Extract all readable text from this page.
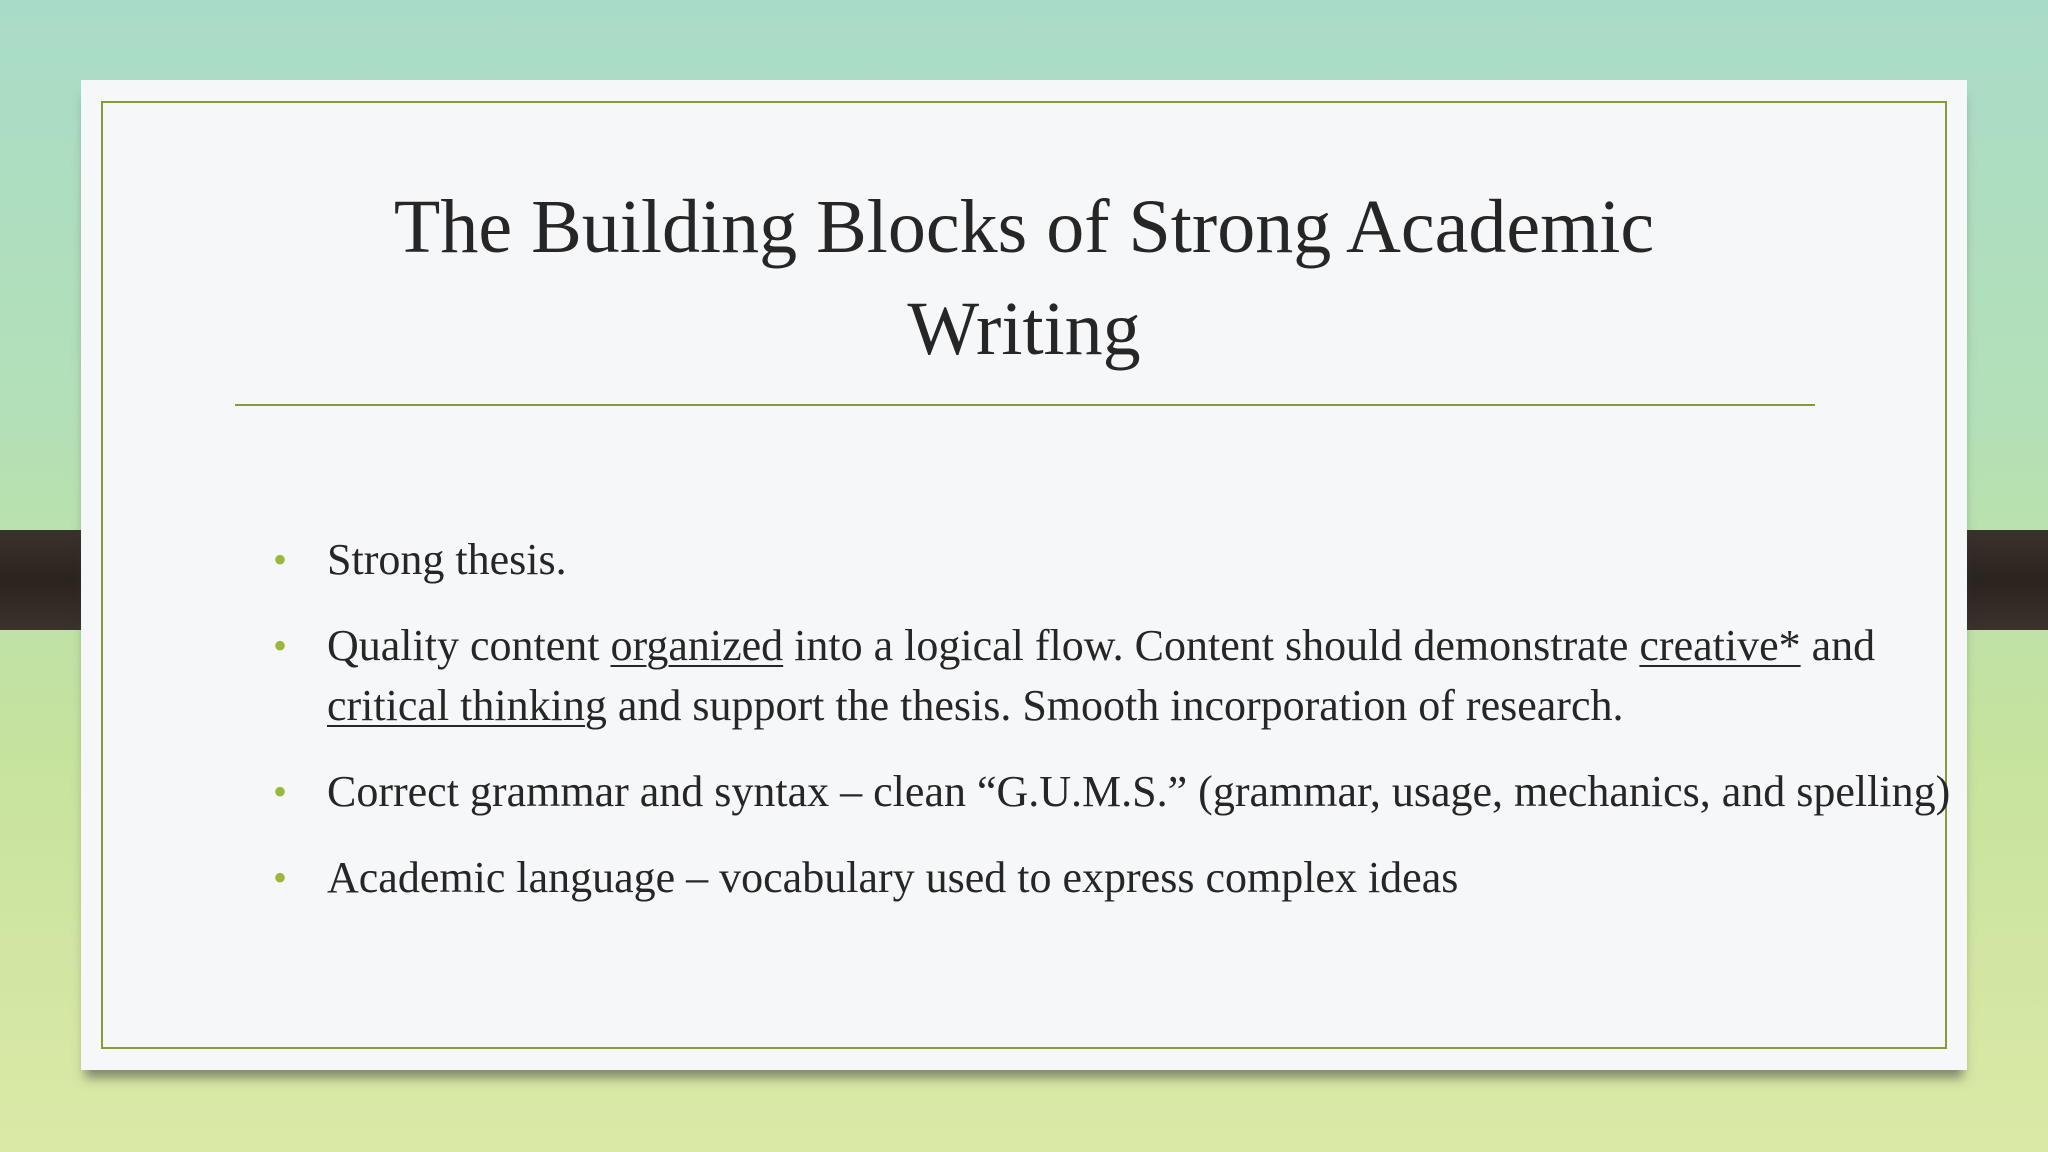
The Building Blocks of Strong Academic
Writing
• Strong thesis.
• Quality content organized into a logical flow. Content should demonstrate creative* and critical thinking and support the thesis. Smooth incorporation of research.
• Correct grammar and syntax – clean “G.U.M.S.” (grammar, usage, mechanics, and spelling)
• Academic language – vocabulary used to express complex ideas
